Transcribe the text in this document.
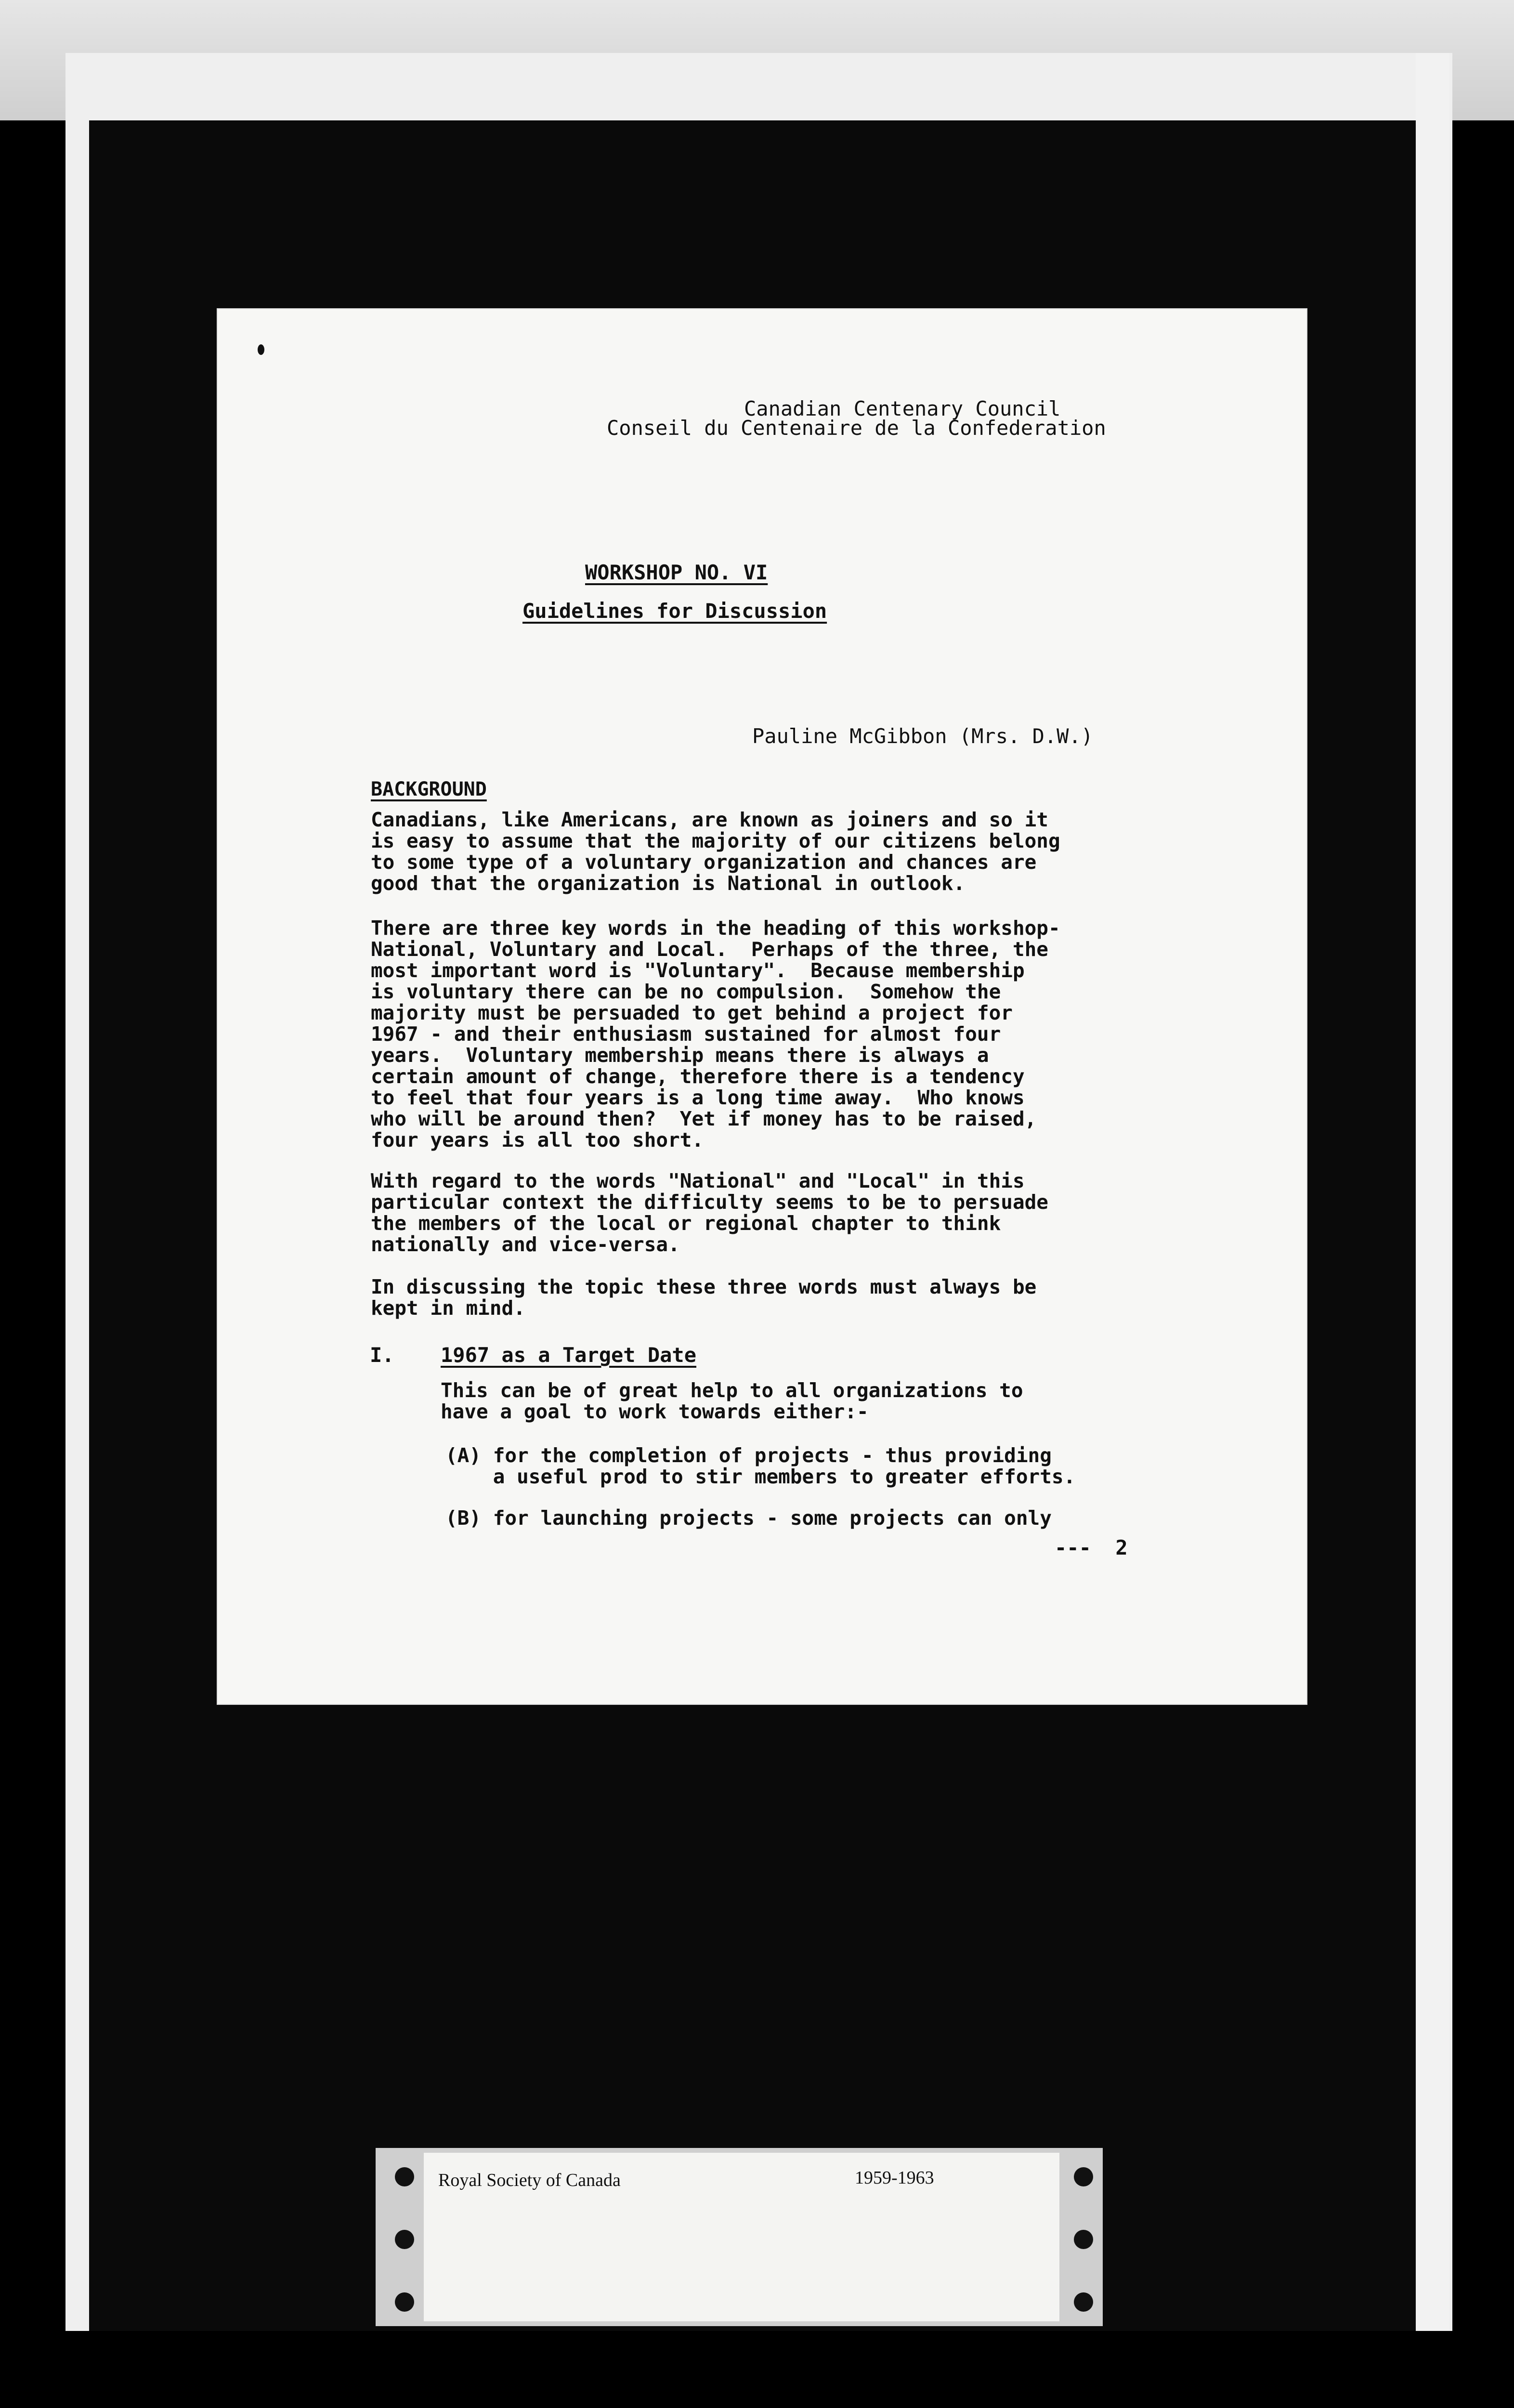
Canadian Centenary Council
Conseil du Centenaire de la Confederation
WORKSHOP NO. VI
Guidelines for Discussion
Pauline McGibbon (Mrs. D.W.)
BACKGROUND
Canadians, like Americans, are known as joiners and so it
is easy to assume that the majority of our citizens belong
to some type of a voluntary organization and chances are
good that the organization is National in outlook.
There are three key words in the heading of this workshop-
National, Voluntary and Local.  Perhaps of the three, the
most important word is "Voluntary".  Because membership
is voluntary there can be no compulsion.  Somehow the
majority must be persuaded to get behind a project for
1967 - and their enthusiasm sustained for almost four
years.  Voluntary membership means there is always a
certain amount of change, therefore there is a tendency
to feel that four years is a long time away.  Who knows
who will be around then?  Yet if money has to be raised,
four years is all too short.
With regard to the words "National" and "Local" in this
particular context the difficulty seems to be to persuade
the members of the local or regional chapter to think
nationally and vice-versa.
In discussing the topic these three words must always be
kept in mind.
I. 1967 as a Target Date
This can be of great help to all organizations to
have a goal to work towards either:-
(A) for the completion of projects - thus providing
a useful prod to stir members to greater efforts.
(B) for launching projects - some projects can only
---  2
Royal Society of Canada	1959-1963
